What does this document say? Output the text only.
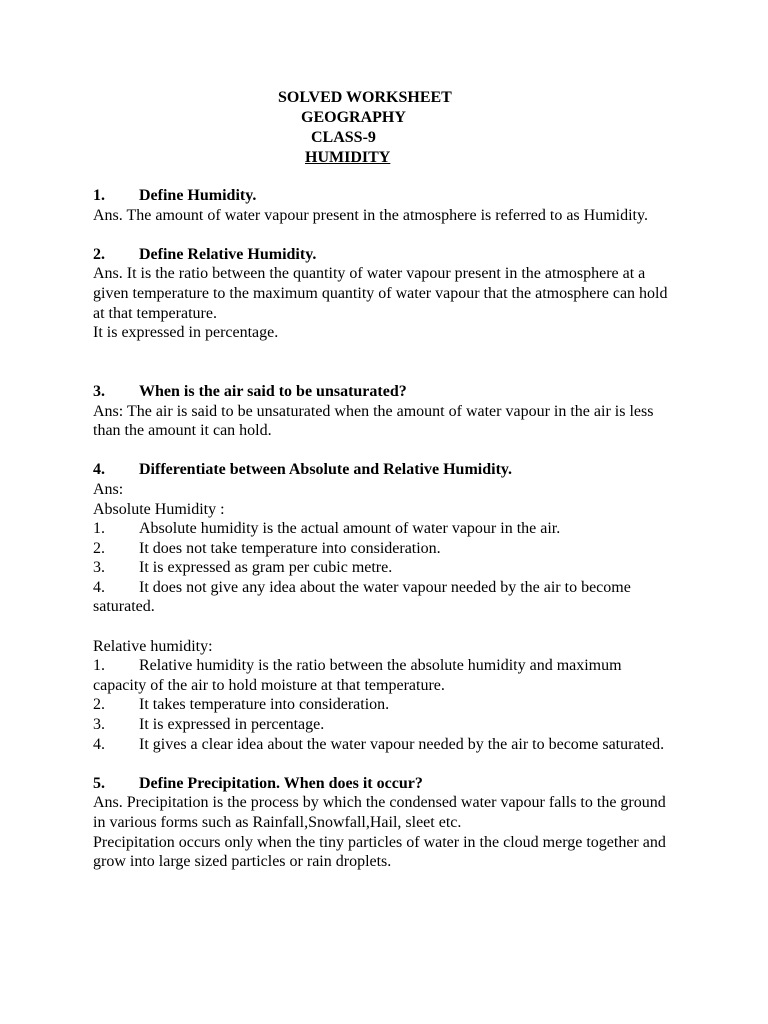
SOLVED WORKSHEET
GEOGRAPHY
CLASS-9
HUMIDITY
1.	Define Humidity.
Ans. The amount of water vapour present in the atmosphere is referred to as Humidity.
2.	Define Relative Humidity.
Ans. It is the ratio between the quantity of water vapour present in the atmosphere at a given temperature to the maximum quantity of water vapour that the atmosphere can hold at that temperature.
It is expressed in percentage.
3.	When is the air said to be unsaturated?
Ans: The air is said to be unsaturated when the amount of water vapour in the air is less than the amount it can hold.
4.	Differentiate between Absolute and Relative Humidity.
Ans:
Absolute Humidity :
1. Absolute humidity is the actual amount of water vapour in the air.
2. It does not take temperature into consideration.
3. It is expressed as gram per cubic metre.
4. It does not give any idea about the water vapour needed by the air to become saturated.
Relative humidity:
1. Relative humidity is the ratio between the absolute humidity and maximum capacity of the air to hold moisture at that temperature.
2. It takes temperature into consideration.
3. It is expressed in percentage.
4. It gives a clear idea about the water vapour needed by the air to become saturated.
5.	Define Precipitation. When does it occur?
Ans. Precipitation is the process by which the condensed water vapour falls to the ground in various forms such as Rainfall,Snowfall,Hail, sleet etc.
Precipitation occurs only when the tiny particles of water in the cloud merge together and grow into large sized particles or rain droplets.
